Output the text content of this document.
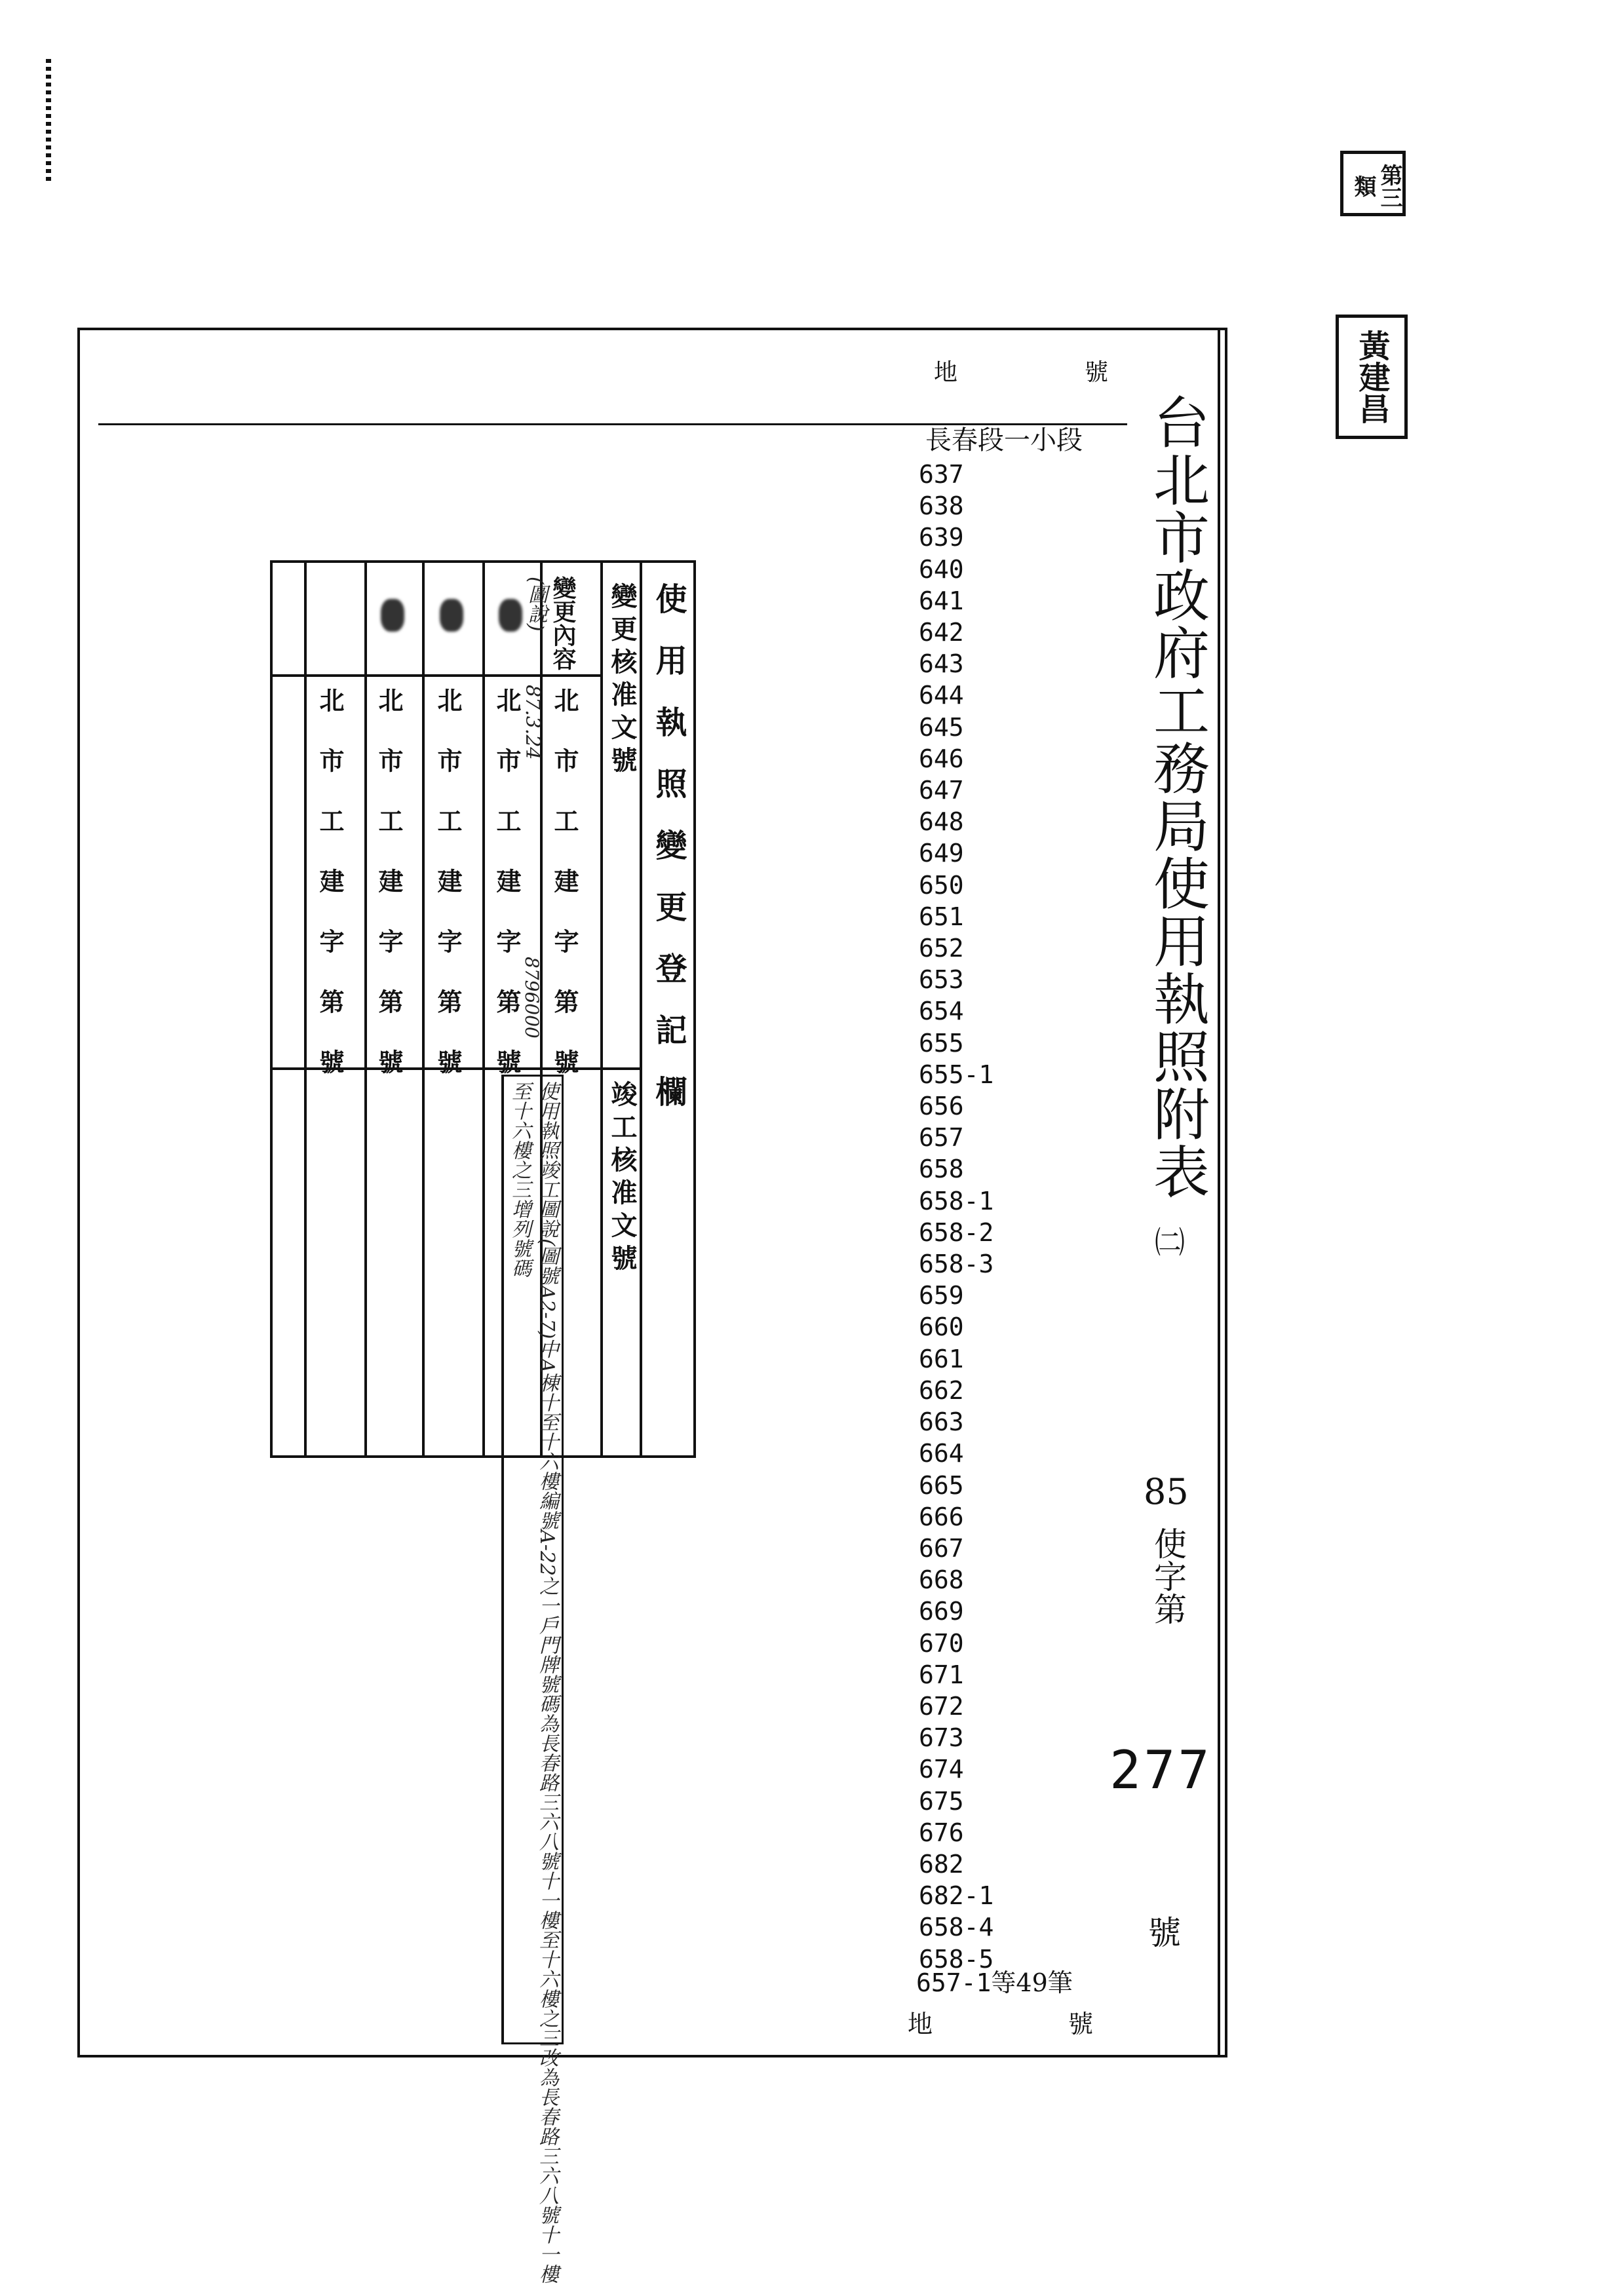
第三類
黃建昌
地	號
長春段一小段
637
638
639
640
641
642
643
644
645
646
647
648
649
650
651
652
653
654
655
655-1
656
657
658
658-1
658-2
658-3
659
660
661
662
663
664
665
666
667
668
669
670
671
672
673
674
675
676
682
682-1
658-4
658-5
657-1等49筆
地	號
台北市政府工務局使用執照附表
㈡
85
使字第
277
號
使用執照變更登記欄
變更核准文號
竣工核准文號
變更內容
北市工建字第號
北市工建字第號
北市工建字第號
北市工建字第號
北市工建字第號
(圖說)
87.3.24
8796000
使用執照竣工圖說(圖號A2-7)中A棟十至十六樓編號A-22之一戶門牌號碼為長春路三六八號十一樓至十六樓之三改為長春路三六八號十一樓至十六樓之三增列號碼
